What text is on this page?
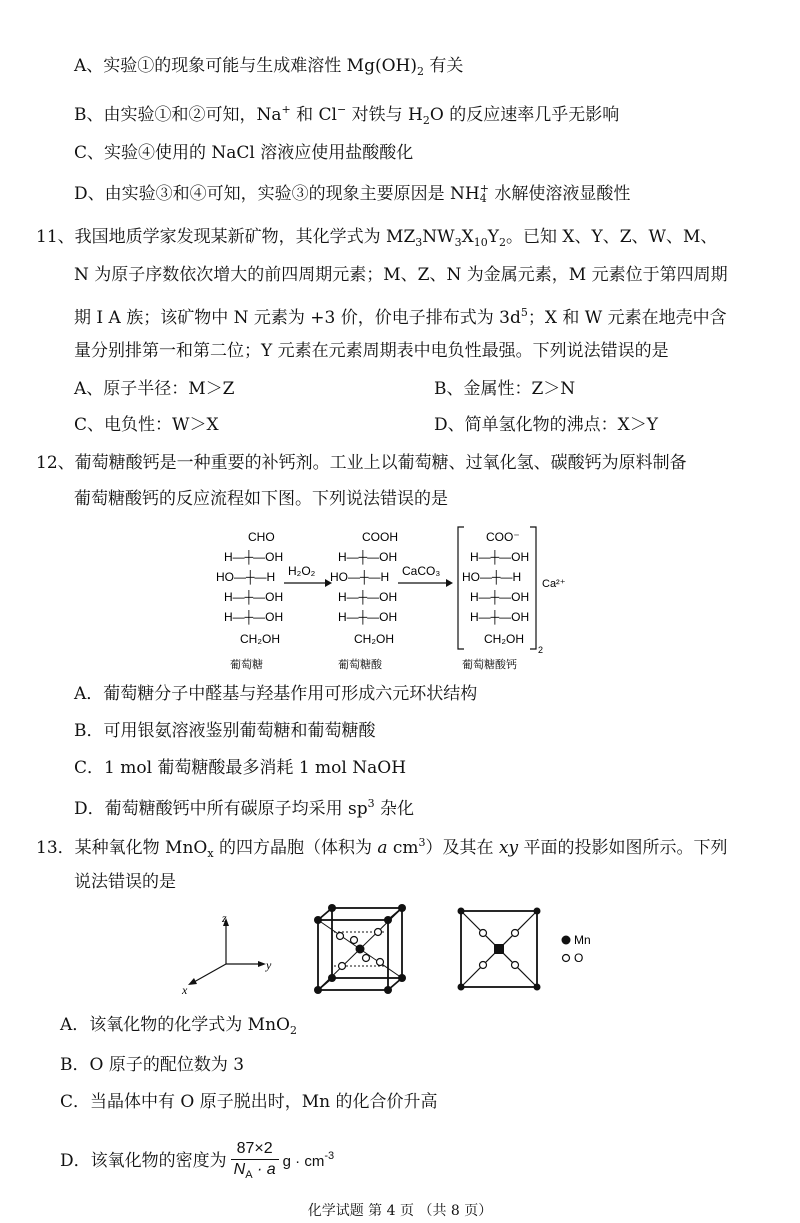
A、实验①的现象可能与生成难溶性 $Mg(OH)_2$ 有关
B、由实验①和②可知，Na+ 和 Cl− 对铁与 $H_2O$ 的反应速率几乎无影响
C、实验④使用的 NaCl 溶液应使用盐酸酸化
D、由实验③和④可知，实验③的现象主要原因是 NH +
4 水解使溶液显酸性
11、我国地质学家发现某新矿物，其化学式为 $MZ_3NW_3X_{10}Y_2$。已知 X、Y、Z、W、M、
N 为原子序数依次增大的前四周期元素；M、Z、N 为金属元素，M 元素位于第四周期
期 Ⅰ A 族；该矿物中 N 元素为 +3 价，价电子排布式为 $3d^5$；X 和 W 元素在地壳中含
量分别排第一和第二位；Y 元素在元素周期表中电负性最强。下列说法错误的是
A、原子半径：M＞Z	B、金属性：Z＞N
C、电负性：W＞X	D、简单氢化物的沸点：X＞Y
12、葡萄糖酸钙是一种重要的补钙剂。工业上以葡萄糖、过氧化氢、碳酸钙为原料制备
葡萄糖酸钙的反应流程如下图。下列说法错误的是
CHO
H—┼—OH
HO—┼—H
H—┼—OH
H—┼—OH
CH₂OH
葡萄糖
H₂O₂
COOH
H—┼—OH
HO—┼—H
H—┼—OH
H—┼—OH
CH₂OH
葡萄糖酸
CaCO₃
COO⁻
H—┼—OH
HO—┼—H
H—┼—OH
H—┼—OH
CH₂OH
2
Ca²⁺
葡萄糖酸钙
A．葡萄糖分子中醛基与羟基作用可形成六元环状结构
B．可用银氨溶液鉴别葡萄糖和葡萄糖酸
C．1 mol 葡萄糖酸最多消耗 1 mol NaOH
D．葡萄糖酸钙中所有碳原子均采用 $sp^3$ 杂化
13．某种氧化物 MnO$_x$ 的四方晶胞（体积为 a $cm^3$）及其在 xy 平面的投影如图所示。下列
说法错误的是
z
y
x
Mn
O
A．该氧化物的化学式为 MnO$_2$
B．O 原子的配位数为 3
C．当晶体中有 O 原子脱出时，Mn 的化合价升高
D．该氧化物的密度为 $\frac{87\times 2}{N_A \cdot a}$ $g \cdot cm^{-3}$
化学试题 第 4 页 （共 8 页）
